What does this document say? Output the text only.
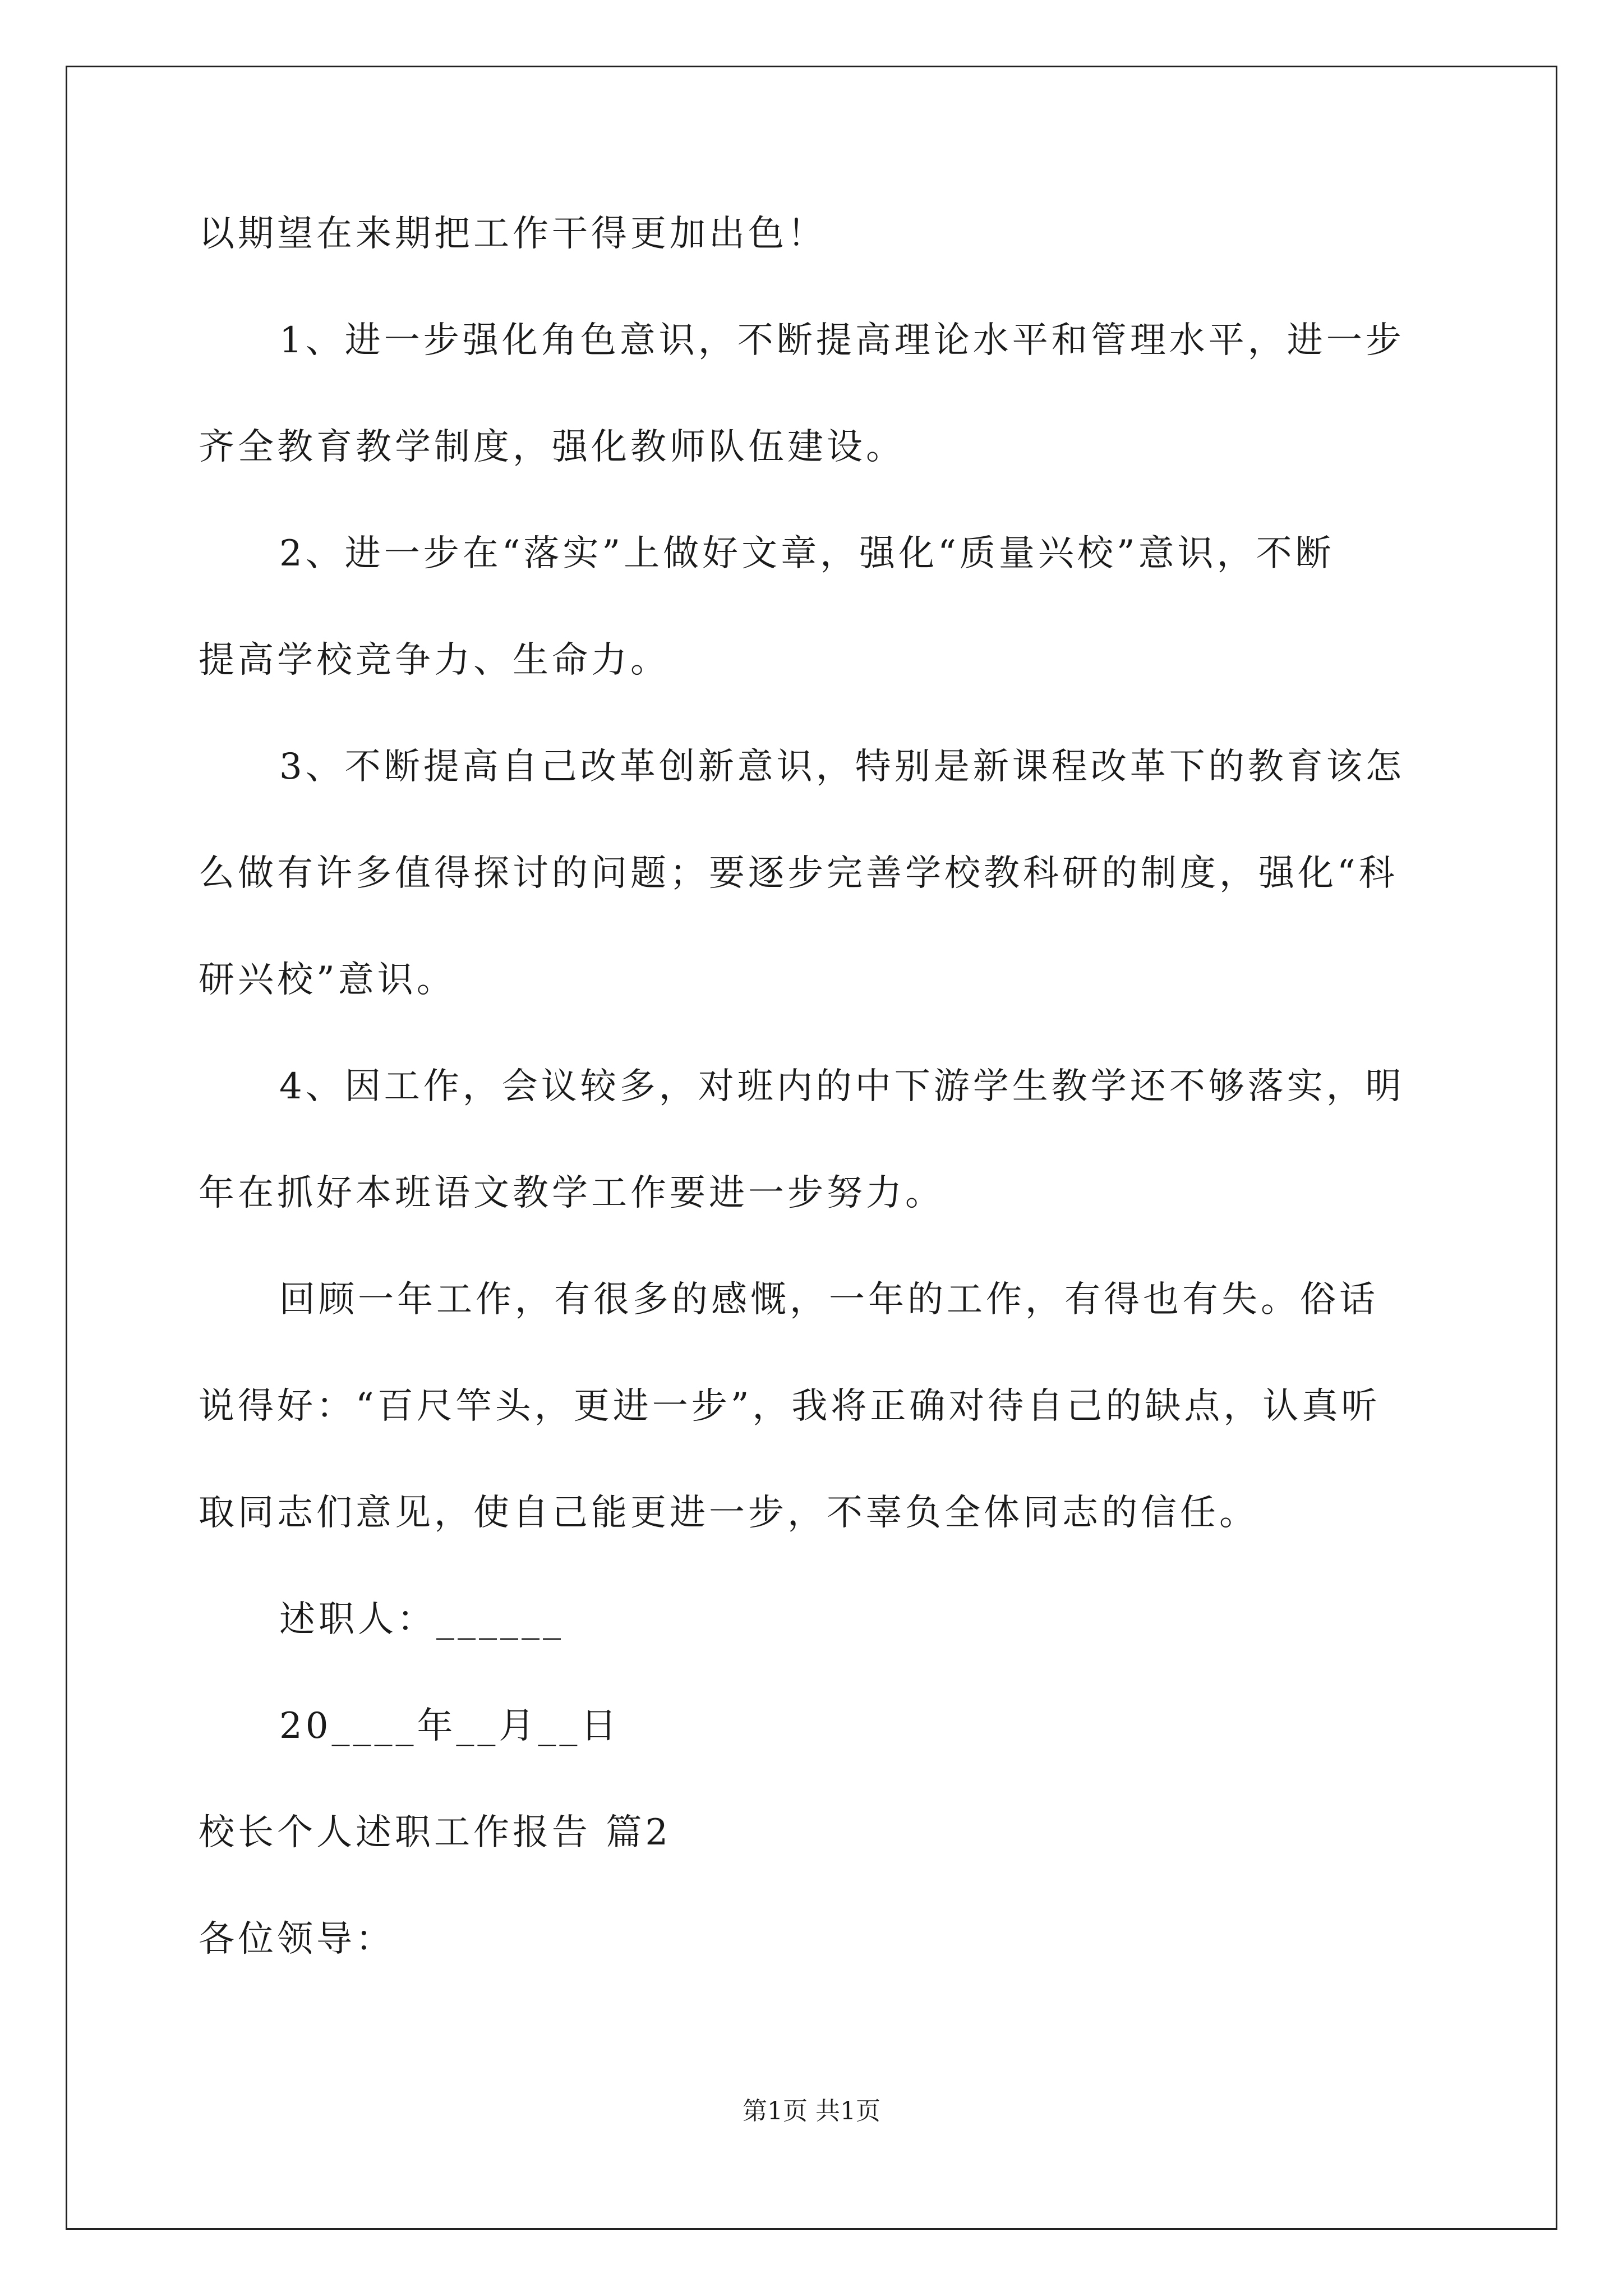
以期望在来期把工作干得更加出色！
1、进一步强化角色意识，不断提高理论水平和管理水平，进一步
齐全教育教学制度，强化教师队伍建设。
2、进一步在“落实”上做好文章，强化“质量兴校”意识，不断
提高学校竞争力、生命力。
3、不断提高自己改革创新意识，特别是新课程改革下的教育该怎
么做有许多值得探讨的问题；要逐步完善学校教科研的制度，强化“科
研兴校”意识。
4、因工作，会议较多，对班内的中下游学生教学还不够落实，明
年在抓好本班语文教学工作要进一步努力。
回顾一年工作，有很多的感慨，一年的工作，有得也有失。俗话
说得好：“百尺竿头，更进一步”，我将正确对待自己的缺点，认真听
取同志们意见，使自己能更进一步，不辜负全体同志的信任。
述职人：______
20____年__月__日
校长个人述职工作报告 篇2
各位领导：
第1页 共1页
